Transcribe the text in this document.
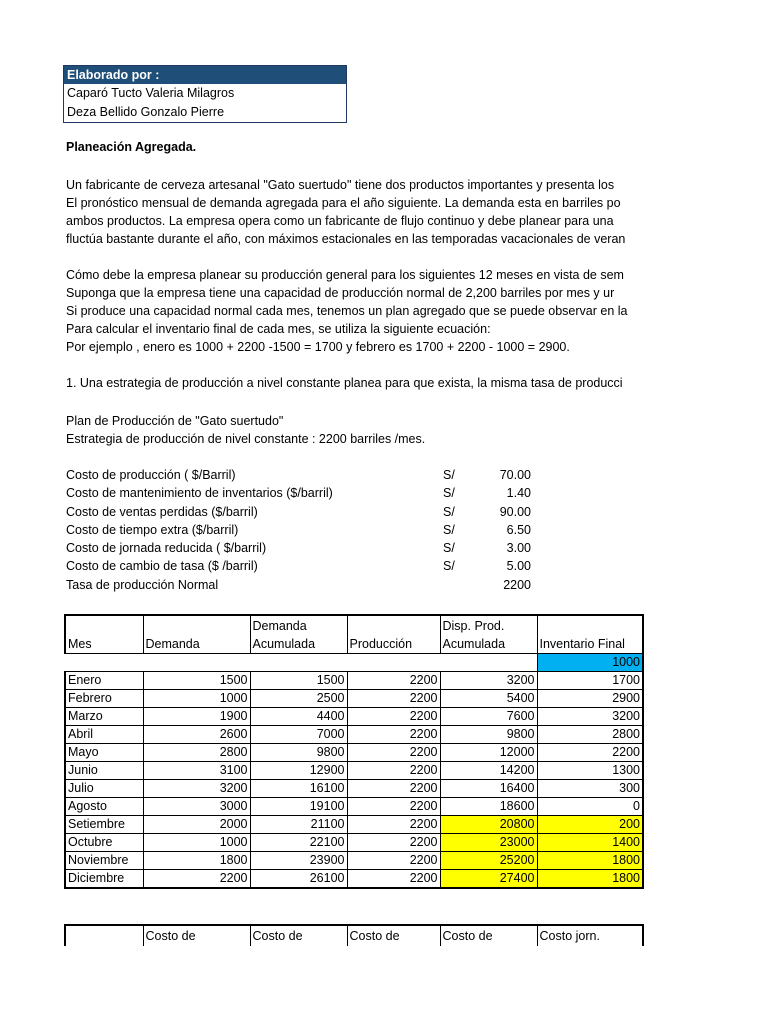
Elaborado por :
Caparó Tucto Valeria Milagros
Deza Bellido Gonzalo Pierre
Planeación Agregada.
Un fabricante de cerveza artesanal "Gato suertudo" tiene dos productos importantes y presenta los
El pronóstico mensual de demanda agregada para el año siguiente. La demanda esta en barriles po
ambos productos. La empresa opera como un fabricante de flujo continuo y debe planear para una
fluctúa bastante durante el año, con máximos estacionales en las temporadas vacacionales de veran
Cómo debe la empresa planear su producción general para los siguientes 12 meses en vista de sem
Suponga que la empresa tiene una capacidad de producción normal de 2,200 barriles por mes y ur
Si produce una capacidad normal cada mes, tenemos un plan agregado que se puede observar en la
Para calcular el inventario final de cada mes, se utiliza la siguiente ecuación:
Por ejemplo , enero es 1000 + 2200 -1500 = 1700 y febrero es 1700 + 2200 - 1000 = 2900.
1. Una estrategia de producción a nivel constante planea para que exista, la misma tasa de producci
Plan de Producción de "Gato suertudo"
Estrategia de producción de nivel constante : 2200 barriles /mes.
Costo de producción ( $/Barril)	S/	70.00
Costo de mantenimiento de inventarios ($/barril)	S/	1.40
Costo de ventas perdidas ($/barril)	S/	90.00
Costo de tiempo extra ($/barril)	S/	6.50
Costo de jornada reducida ( $/barril)	S/	3.00
Costo de cambio de tasa ($ /barril)	S/	5.00
Tasa de producción Normal	2200
Mes	Demanda	Demanda Acumulada	Producción	Disp. Prod. Acumulada	Inventario Final
					1000
Enero	1500	1500	2200	3200	1700
Febrero	1000	2500	2200	5400	2900
Marzo	1900	4400	2200	7600	3200
Abril	2600	7000	2200	9800	2800
Mayo	2800	9800	2200	12000	2200
Junio	3100	12900	2200	14200	1300
Julio	3200	16100	2200	16400	300
Agosto	3000	19100	2200	18600	0
Setiembre	2000	21100	2200	20800	200
Octubre	1000	22100	2200	23000	1400
Noviembre	1800	23900	2200	25200	1800
Diciembre	2200	26100	2200	27400	1800
	Costo de	Costo de	Costo de	Costo de	Costo jorn.
